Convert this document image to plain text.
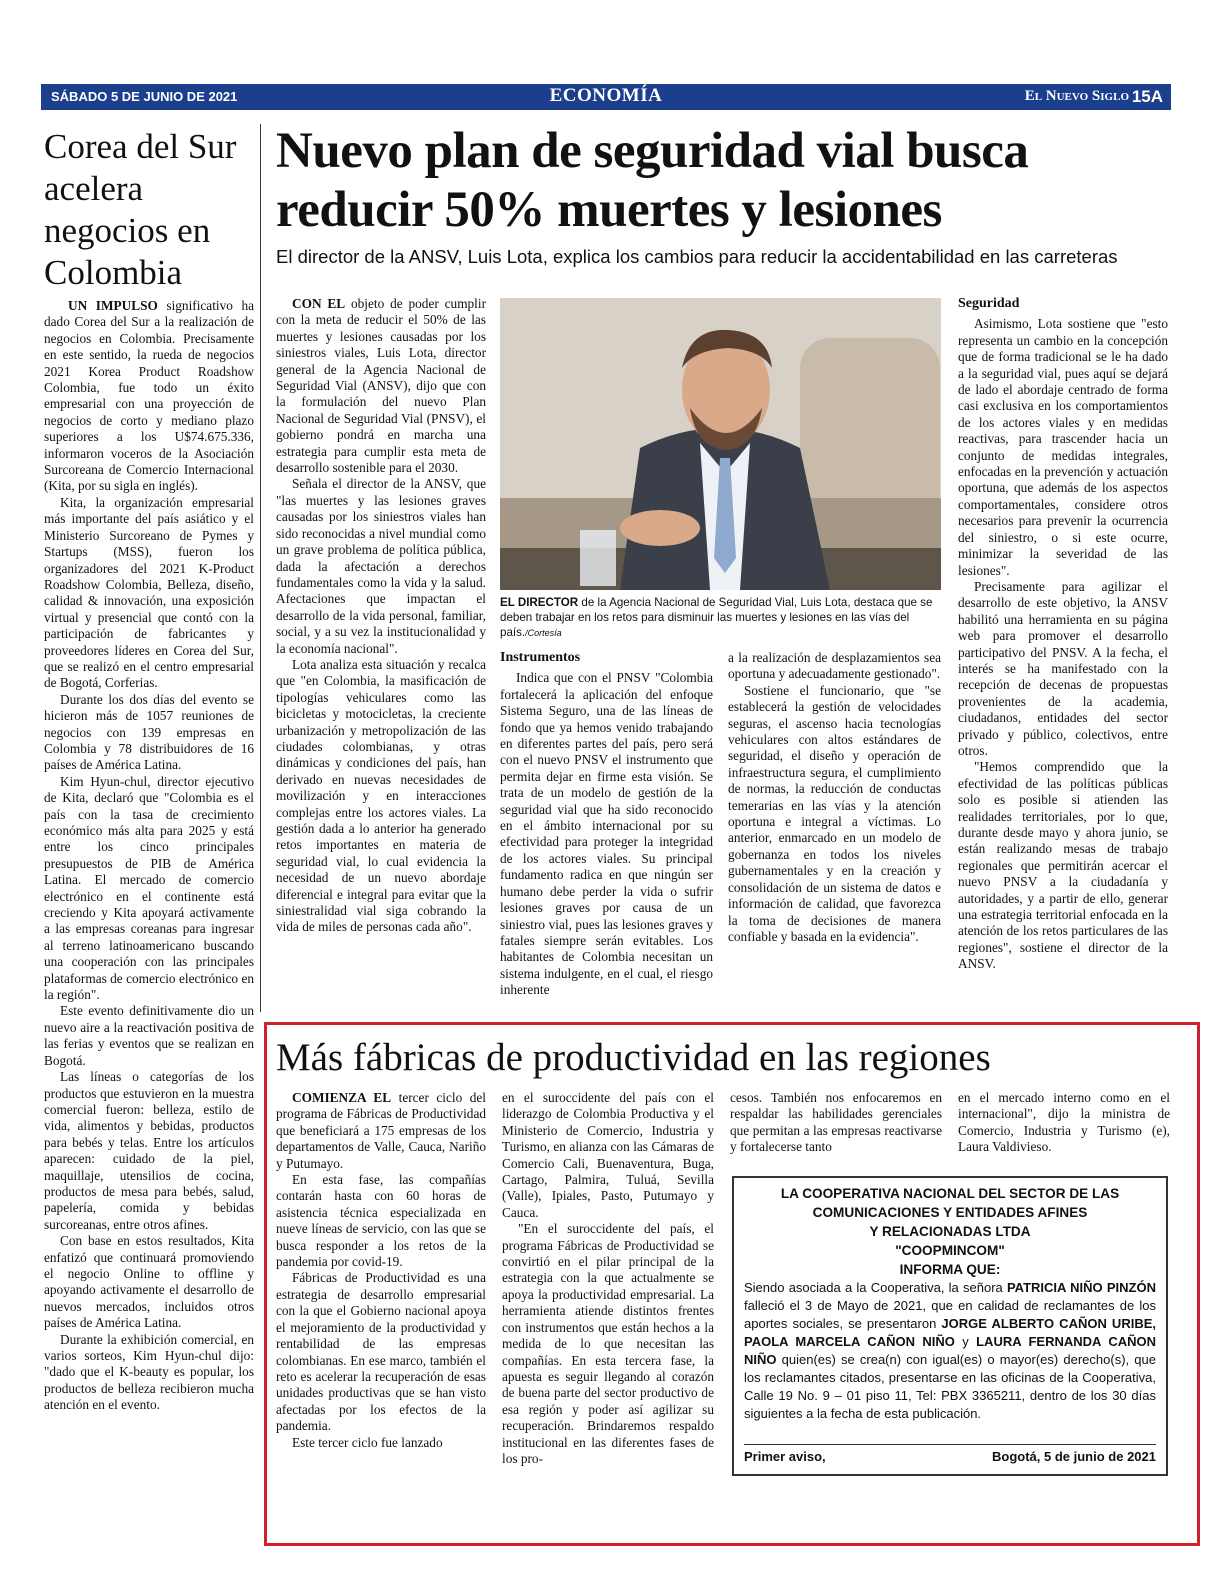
SÁBADO 5 DE JUNIO DE 2021	ECONOMÍA	El Nuevo Siglo 15A
Corea del Sur acelera negocios en Colombia

UN IMPULSO significativo ha dado Corea del Sur a la realización de negocios en Colombia. Precisamente en este sentido, la rueda de negocios 2021 Korea Product Roadshow Colombia, fue todo un éxito empresarial con una proyección de negocios de corto y mediano plazo superiores a los U$74.675.336, informaron voceros de la Asociación Surcoreana de Comercio Internacional (Kita, por su sigla en inglés).

Kita, la organización empresarial más importante del país asiático y el Ministerio Surcoreano de Pymes y Startups (MSS), fueron los organizadores del 2021 K-Product Roadshow Colombia, Belleza, diseño, calidad & innovación, una exposición virtual y presencial que contó con la participación de fabricantes y proveedores líderes en Corea del Sur, que se realizó en el centro empresarial de Bogotá, Corferias.

Durante los dos días del evento se hicieron más de 1057 reuniones de negocios con 139 empresas en Colombia y 78 distribuidores de 16 países de América Latina.

Kim Hyun-chul, director ejecutivo de Kita, declaró que "Colombia es el país con la tasa de crecimiento económico más alta para 2025 y está entre los cinco principales presupuestos de PIB de América Latina. El mercado de comercio electrónico en el continente está creciendo y Kita apoyará activamente a las empresas coreanas para ingresar al terreno latinoamericano buscando una cooperación con las principales plataformas de comercio electrónico en la región".

Este evento definitivamente dio un nuevo aire a la reactivación positiva de las ferias y eventos que se realizan en Bogotá.

Las líneas o categorías de los productos que estuvieron en la muestra comercial fueron: belleza, estilo de vida, alimentos y bebidas, productos para bebés y telas. Entre los artículos aparecen: cuidado de la piel, maquillaje, utensilios de cocina, productos de mesa para bebés, salud, papelería, comida y bebidas surcoreanas, entre otros afines.

Con base en estos resultados, Kita enfatizó que continuará promoviendo el negocio Online to offline y apoyando activamente el desarrollo de nuevos mercados, incluidos otros países de América Latina.

Durante la exhibición comercial, en varios sorteos, Kim Hyun-chul dijo: "dado que el K-beauty es popular, los productos de belleza recibieron mucha atención en el evento.

Nuevo plan de seguridad vial busca reducir 50% muertes y lesiones
El director de la ANSV, Luis Lota, explica los cambios para reducir la accidentabilidad en las carreteras

CON EL objeto de poder cumplir con la meta de reducir el 50% de las muertes y lesiones causadas por los siniestros viales, Luis Lota, director general de la Agencia Nacional de Seguridad Vial (ANSV), dijo que con la formulación del nuevo Plan Nacional de Seguridad Vial (PNSV), el gobierno pondrá en marcha una estrategia para cumplir esta meta de desarrollo sostenible para el 2030.

Señala el director de la ANSV, que "las muertes y las lesiones graves causadas por los siniestros viales han sido reconocidas a nivel mundial como un grave problema de política pública, dada la afectación a derechos fundamentales como la vida y la salud. Afectaciones que impactan el desarrollo de la vida personal, familiar, social, y a su vez la institucionalidad y la economía nacional".

Lota analiza esta situación y recalca que "en Colombia, la masificación de tipologías vehiculares como las bicicletas y motocicletas, la creciente urbanización y metropolización de las ciudades colombianas, y otras dinámicas y condiciones del país, han derivado en nuevas necesidades de movilización y en interacciones complejas entre los actores viales. La gestión dada a lo anterior ha generado retos importantes en materia de seguridad vial, lo cual evidencia la necesidad de un nuevo abordaje diferencial e integral para evitar que la siniestralidad vial siga cobrando la vida de miles de personas cada año".

EL DIRECTOR de la Agencia Nacional de Seguridad Vial, Luis Lota, destaca que se deben trabajar en los retos para disminuir las muertes y lesiones en las vías del país./Cortesía
Instrumentos

Indica que con el PNSV "Colombia fortalecerá la aplicación del enfoque Sistema Seguro, una de las líneas de fondo que ya hemos venido trabajando en diferentes partes del país, pero será con el nuevo PNSV el instrumento que permita dejar en firme esta visión. Se trata de un modelo de gestión de la seguridad vial que ha sido reconocido en el ámbito internacional por su efectividad para proteger la integridad de los actores viales. Su principal fundamento radica en que ningún ser humano debe perder la vida o sufrir lesiones graves por causa de un siniestro vial, pues las lesiones graves y fatales siempre serán evitables. Los habitantes de Colombia necesitan un sistema indulgente, en el cual, el riesgo inherente

a la realización de desplazamientos sea oportuna y adecuadamente gestionado".

Sostiene el funcionario, que "se establecerá la gestión de velocidades seguras, el ascenso hacia tecnologías vehiculares con altos estándares de seguridad, el diseño y operación de infraestructura segura, el cumplimiento de normas, la reducción de conductas temerarias en las vías y la atención oportuna e integral a víctimas. Lo anterior, enmarcado en un modelo de gobernanza en todos los niveles gubernamentales y en la creación y consolidación de un sistema de datos e información de calidad, que favorezca la toma de decisiones de manera confiable y basada en la evidencia".

Seguridad

Asimismo, Lota sostiene que "esto representa un cambio en la concepción que de forma tradicional se le ha dado a la seguridad vial, pues aquí se dejará de lado el abordaje centrado de forma casi exclusiva en los comportamientos de los actores viales y en medidas reactivas, para trascender hacia un conjunto de medidas integrales, enfocadas en la prevención y actuación oportuna, que además de los aspectos comportamentales, considere otros necesarios para prevenir la ocurrencia del siniestro, o si este ocurre, minimizar la severidad de las lesiones".

Precisamente para agilizar el desarrollo de este objetivo, la ANSV habilitó una herramienta en su página web para promover el desarrollo participativo del PNSV. A la fecha, el interés se ha manifestado con la recepción de decenas de propuestas provenientes de la academia, ciudadanos, entidades del sector privado y público, colectivos, entre otros.

"Hemos comprendido que la efectividad de las políticas públicas solo es posible si atienden las realidades territoriales, por lo que, durante desde mayo y ahora junio, se están realizando mesas de trabajo regionales que permitirán acercar el nuevo PNSV a la ciudadanía y autoridades, y a partir de ello, generar una estrategia territorial enfocada en la atención de los retos particulares de las regiones", sostiene el director de la ANSV.

Más fábricas de productividad en las regiones

COMIENZA EL tercer ciclo del programa de Fábricas de Productividad que beneficiará a 175 empresas de los departamentos de Valle, Cauca, Nariño y Putumayo.

En esta fase, las compañías contarán hasta con 60 horas de asistencia técnica especializada en nueve líneas de servicio, con las que se busca responder a los retos de la pandemia por covid-19.

Fábricas de Productividad es una estrategia de desarrollo empresarial con la que el Gobierno nacional apoya el mejoramiento de la productividad y rentabilidad de las empresas colombianas. En ese marco, también el reto es acelerar la recuperación de esas unidades productivas que se han visto afectadas por los efectos de la pandemia.

Este tercer ciclo fue lanzado

en el suroccidente del país con el liderazgo de Colombia Productiva y el Ministerio de Comercio, Industria y Turismo, en alianza con las Cámaras de Comercio Cali, Buenaventura, Buga, Cartago, Palmira, Tuluá, Sevilla (Valle), Ipiales, Pasto, Putumayo y Cauca.

"En el suroccidente del país, el programa Fábricas de Productividad se convirtió en el pilar principal de la estrategia con la que actualmente se apoya la productividad empresarial. La herramienta atiende distintos frentes con instrumentos que están hechos a la medida de lo que necesitan las compañías. En esta tercera fase, la apuesta es seguir llegando al corazón de buena parte del sector productivo de esa región y poder así agilizar su recuperación. Brindaremos respaldo institucional en las diferentes fases de los pro-

cesos. También nos enfocaremos en respaldar las habilidades gerenciales que permitan a las empresas reactivarse y fortalecerse tanto

en el mercado interno como en el internacional", dijo la ministra de Comercio, Industria y Turismo (e), Laura Valdivieso.

LA COOPERATIVA NACIONAL DEL SECTOR DE LAS
COMUNICACIONES Y ENTIDADES AFINES
Y RELACIONADAS LTDA
"COOPMINCOM"
INFORMA QUE:
Siendo asociada a la Cooperativa, la señora PATRICIA NIÑO PINZÓN falleció el 3 de Mayo de 2021, que en calidad de reclamantes de los aportes sociales, se presentaron JORGE ALBERTO CAÑON URIBE, PAOLA MARCELA CAÑON NIÑO y LAURA FERNANDA CAÑON NIÑO quien(es) se crea(n) con igual(es) o mayor(es) derecho(s), que los reclamantes citados, presentarse en las oficinas de la Cooperativa, Calle 19 No. 9 – 01 piso 11, Tel: PBX 3365211, dentro de los 30 días siguientes a la fecha de esta publicación.
Primer aviso,	Bogotá, 5 de junio de 2021
